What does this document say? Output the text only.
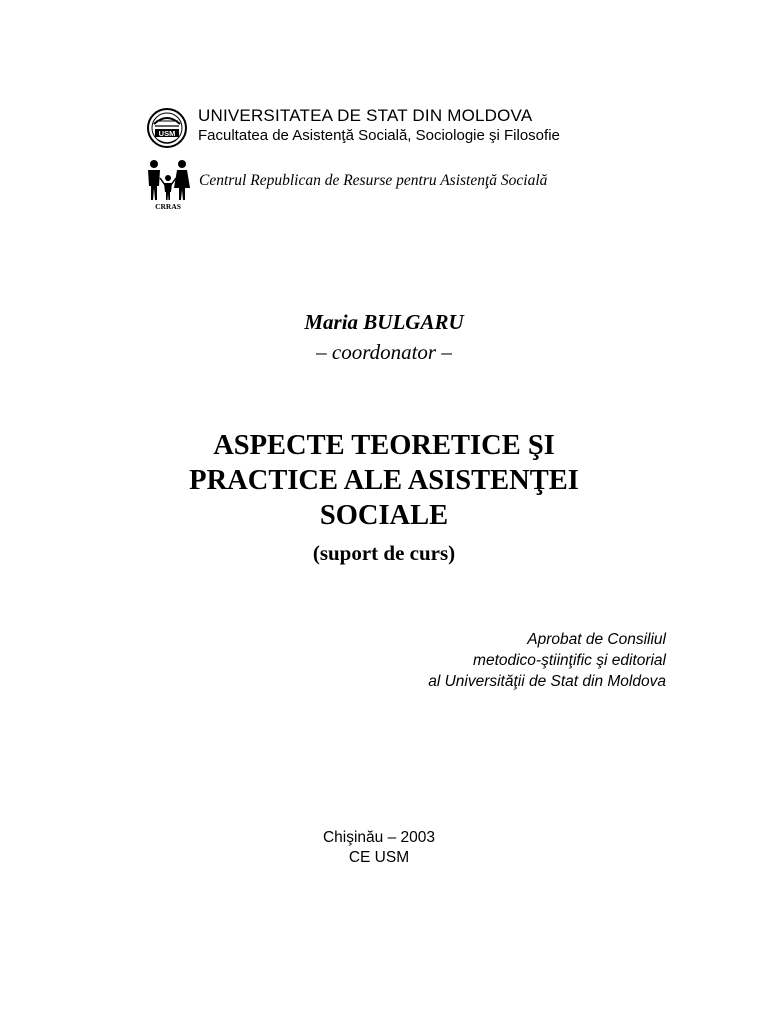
USM
UNIVERSITATEA DE STAT DIN MOLDOVA
Facultatea de Asistenţă Socială, Sociologie şi Filosofie
CRRAS
Centrul Republican de Resurse pentru Asistenţă Socială
Maria BULGARU
– coordonator –
ASPECTE TEORETICE ŞI
PRACTICE ALE ASISTENŢEI
SOCIALE
(suport de curs)
Aprobat de Consiliul
metodico-ştiinţific şi editorial
al Universităţii de Stat din Moldova
Chişinău – 2003
CE USM
